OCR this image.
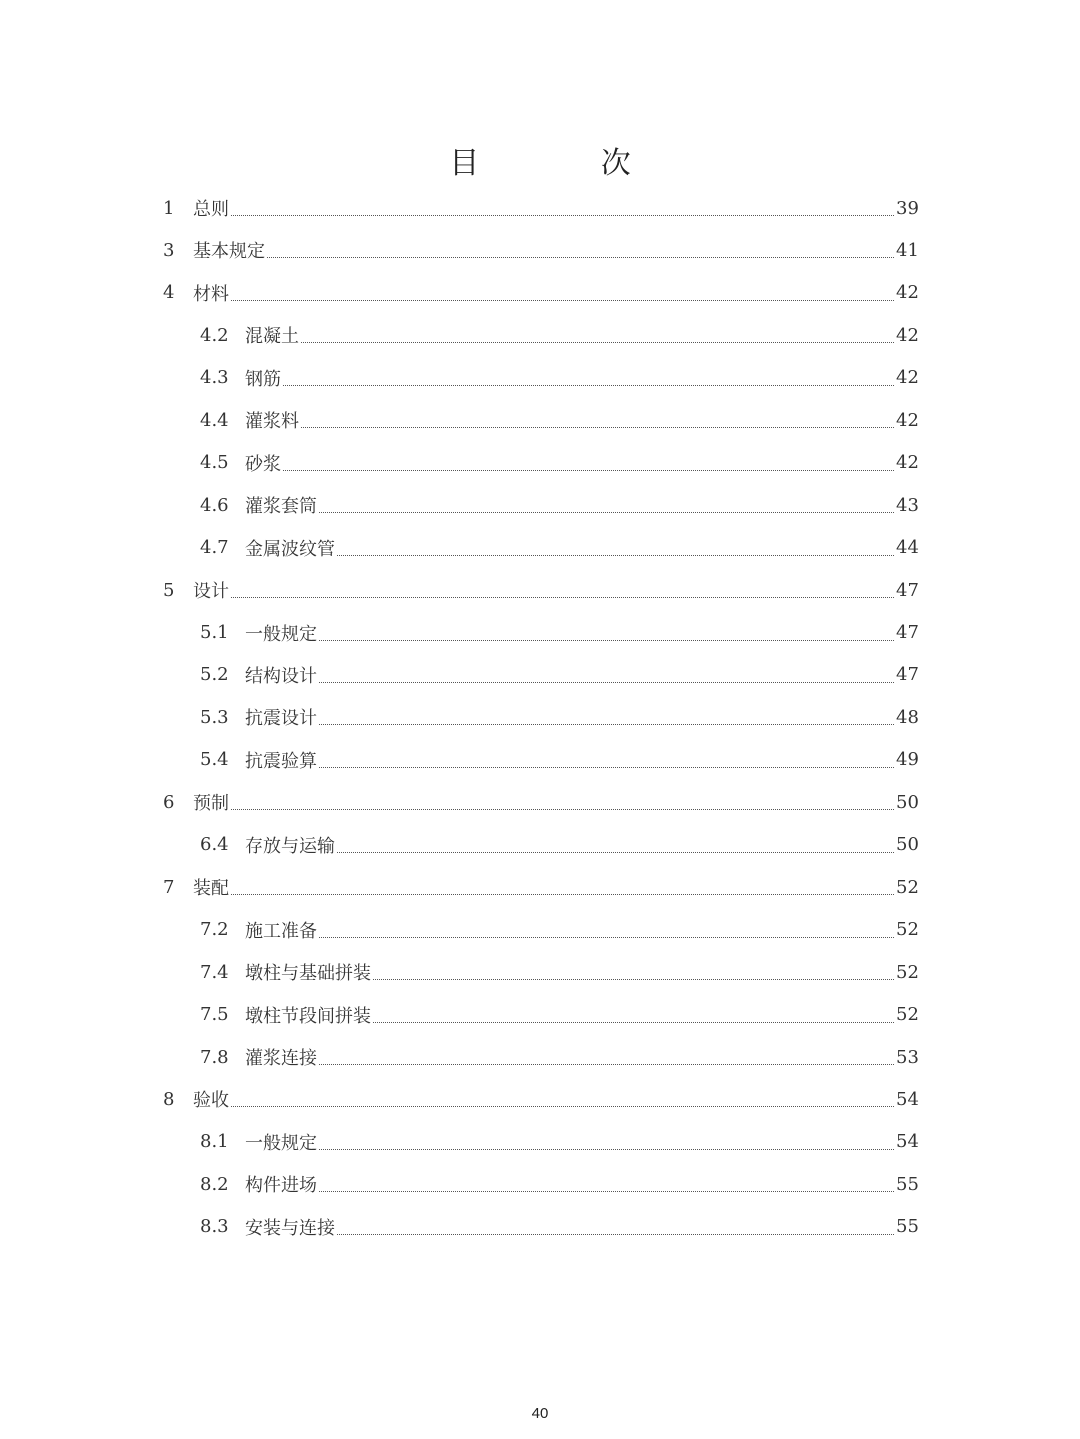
目 次
1 总则	39
3 基本规定	41
4 材料	42
4.2 混凝土	42
4.3 钢筋	42
4.4 灌浆料	42
4.5 砂浆	42
4.6 灌浆套筒	43
4.7 金属波纹管	44
5 设计	47
5.1 一般规定	47
5.2 结构设计	47
5.3 抗震设计	48
5.4 抗震验算	49
6 预制	50
6.4 存放与运输	50
7 装配	52
7.2 施工准备	52
7.4 墩柱与基础拼装	52
7.5 墩柱节段间拼装	52
7.8 灌浆连接	53
8 验收	54
8.1 一般规定	54
8.2 构件进场	55
8.3 安装与连接	55
40
